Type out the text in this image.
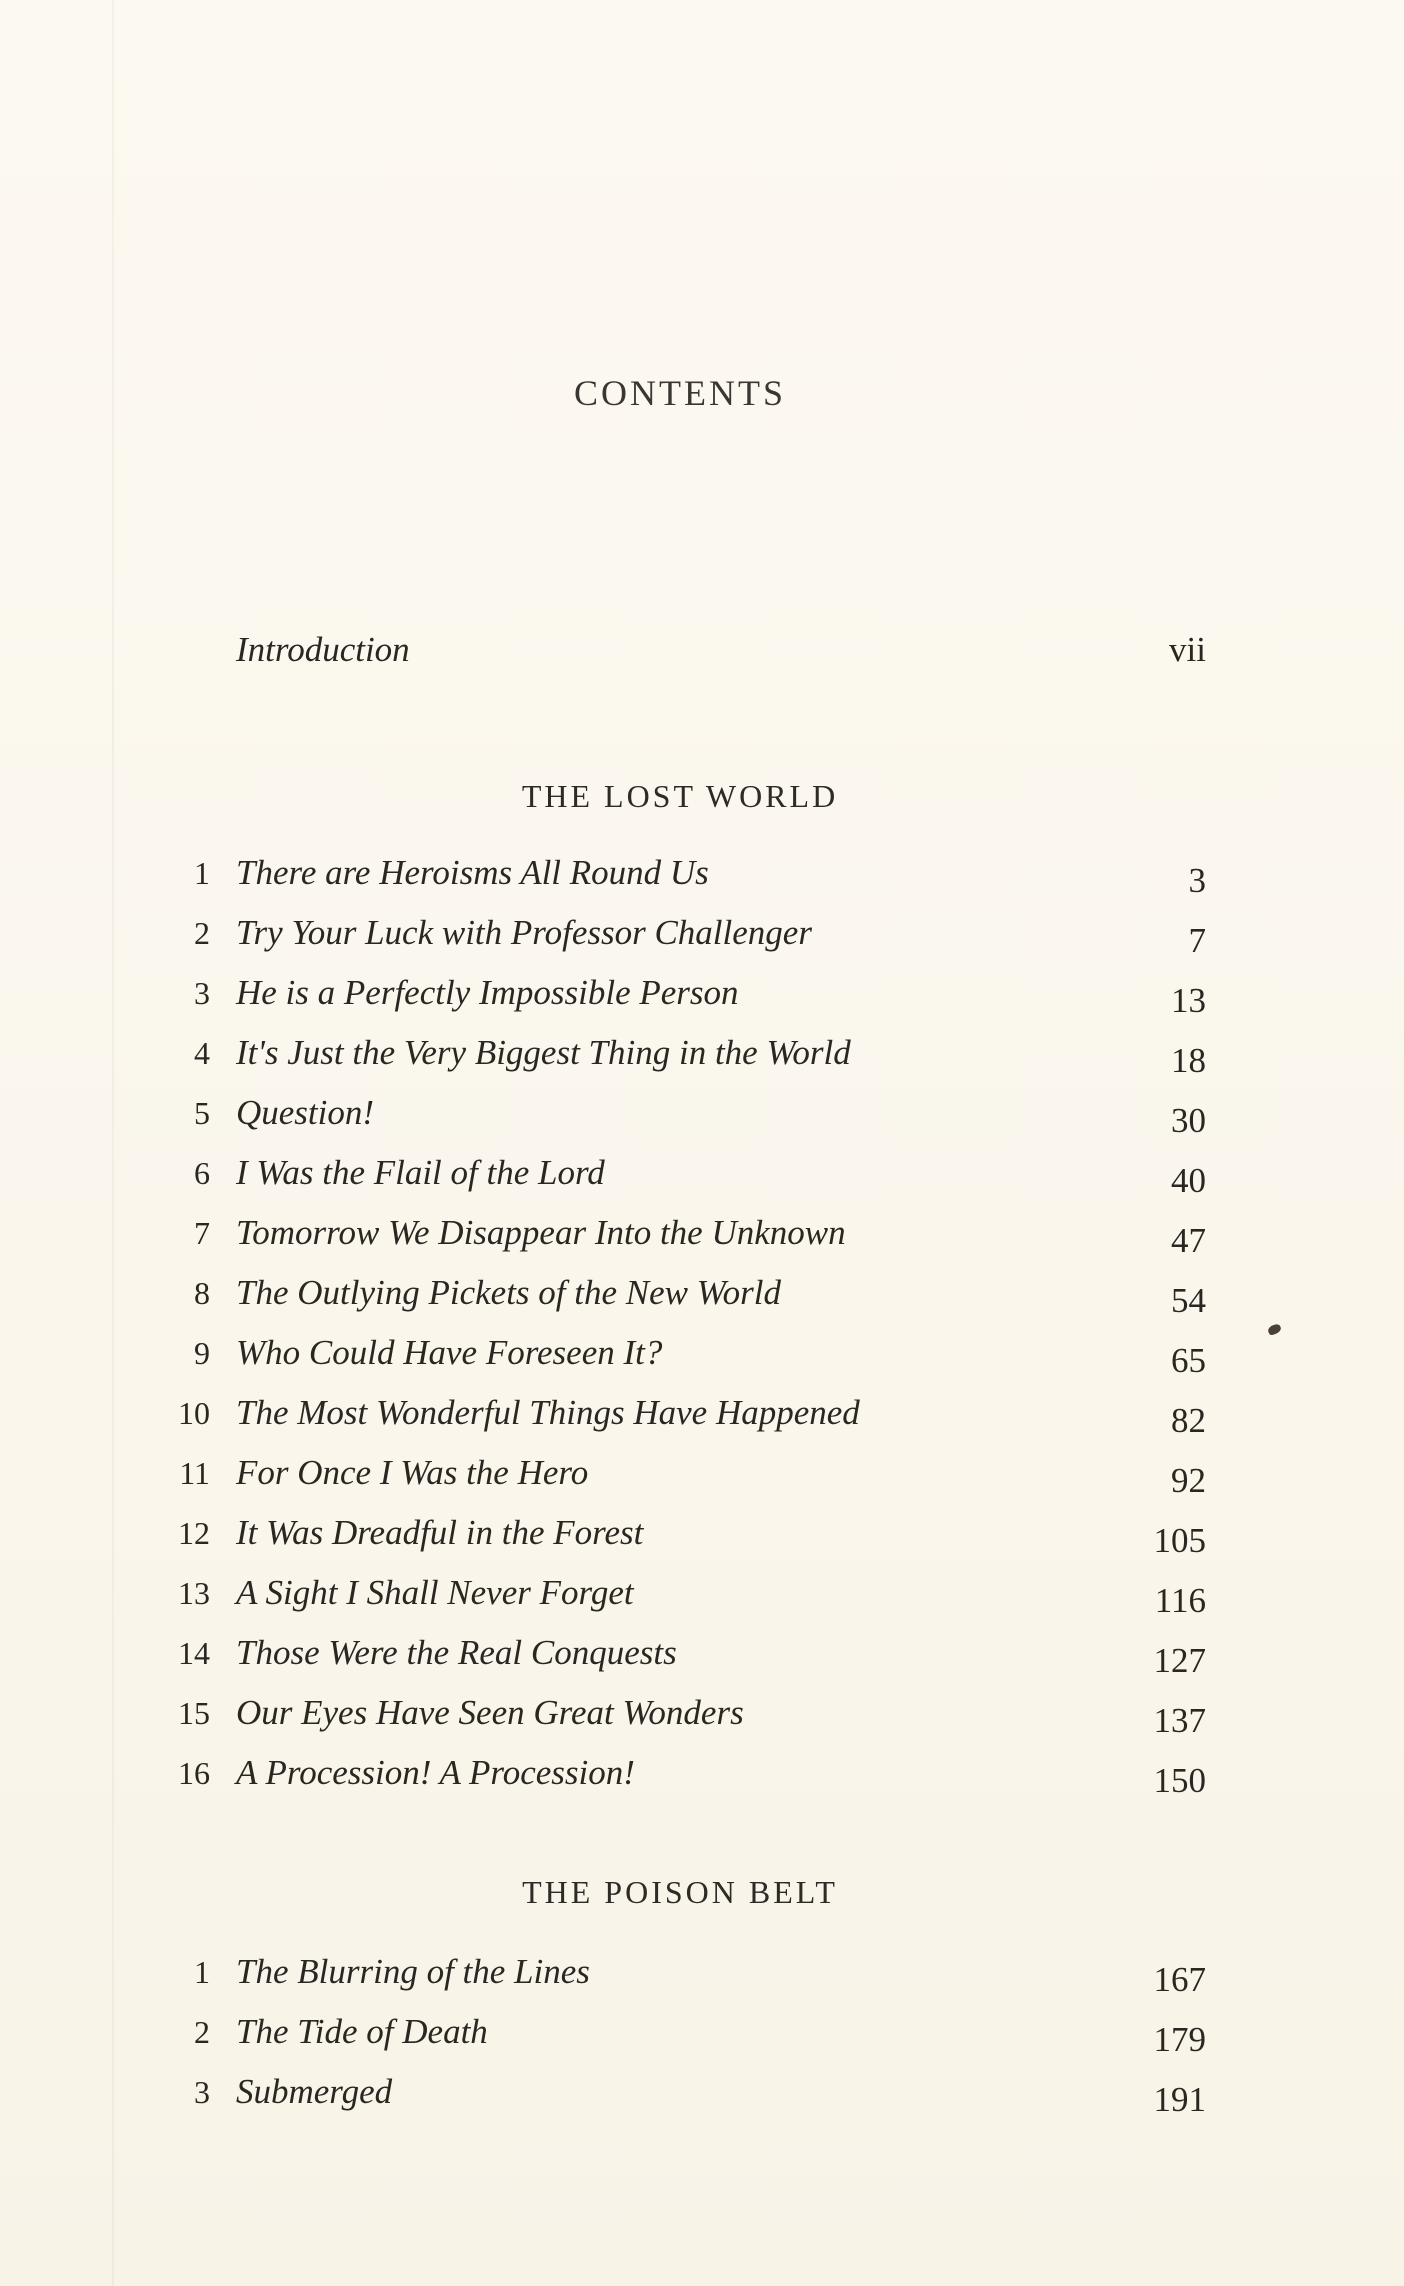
CONTENTS
Introduction	vii
THE LOST WORLD
1 There are Heroisms All Round Us	3
2 Try Your Luck with Professor Challenger	7
3 He is a Perfectly Impossible Person	13
4 It's Just the Very Biggest Thing in the World	18
5 Question!	30
6 I Was the Flail of the Lord	40
7 Tomorrow We Disappear Into the Unknown	47
8 The Outlying Pickets of the New World	54
9 Who Could Have Foreseen It?	65
10 The Most Wonderful Things Have Happened	82
11 For Once I Was the Hero	92
12 It Was Dreadful in the Forest	105
13 A Sight I Shall Never Forget	116
14 Those Were the Real Conquests	127
15 Our Eyes Have Seen Great Wonders	137
16 A Procession! A Procession!	150
THE POISON BELT
1 The Blurring of the Lines	167
2 The Tide of Death	179
3 Submerged	191
